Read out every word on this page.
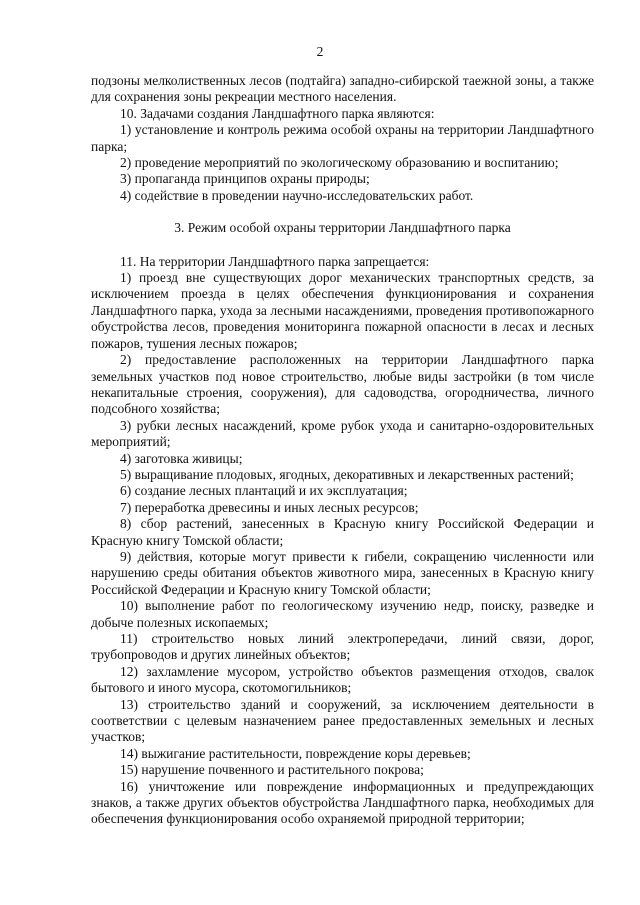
2

подзоны мелколиственных лесов (подтайга) западно-сибирской таежной зоны, а также для сохранения зоны рекреации местного населения.

10. Задачами создания Ландшафтного парка являются:

1) установление и контроль режима особой охраны на территории Ландшафтного парка;

2) проведение мероприятий по экологическому образованию и воспитанию;

3) пропаганда принципов охраны природы;

4) содействие в проведении научно-исследовательских работ.

3. Режим особой охраны территории Ландшафтного парка

11. На территории Ландшафтного парка запрещается:

1) проезд вне существующих дорог механических транспортных средств, за исключением проезда в целях обеспечения функционирования и сохранения Ландшафтного парка, ухода за лесными насаждениями, проведения противопожарного обустройства лесов, проведения мониторинга пожарной опасности в лесах и лесных пожаров, тушения лесных пожаров;

2) предоставление расположенных на территории Ландшафтного парка земельных участков под новое строительство, любые виды застройки (в том числе некапитальные строения, сооружения), для садоводства, огородничества, личного подсобного хозяйства;

3) рубки лесных насаждений, кроме рубок ухода и санитарно-оздоровительных мероприятий;

4) заготовка живицы;

5) выращивание плодовых, ягодных, декоративных и лекарственных растений;

6) создание лесных плантаций и их эксплуатация;

7) переработка древесины и иных лесных ресурсов;

8) сбор растений, занесенных в Красную книгу Российской Федерации и Красную книгу Томской области;

9) действия, которые могут привести к гибели, сокращению численности или нарушению среды обитания объектов животного мира, занесенных в Красную книгу Российской Федерации и Красную книгу Томской области;

10) выполнение работ по геологическому изучению недр, поиску, разведке и добыче полезных ископаемых;

11) строительство новых линий электропередачи, линий связи, дорог, трубопроводов и других линейных объектов;

12) захламление мусором, устройство объектов размещения отходов, свалок бытового и иного мусора, скотомогильников;

13) строительство зданий и сооружений, за исключением деятельности в соответствии с целевым назначением ранее предоставленных земельных и лесных участков;

14) выжигание растительности, повреждение коры деревьев;

15) нарушение почвенного и растительного покрова;

16) уничтожение или повреждение информационных и предупреждающих знаков, а также других объектов обустройства Ландшафтного парка, необходимых для обеспечения функционирования особо охраняемой природной территории;
